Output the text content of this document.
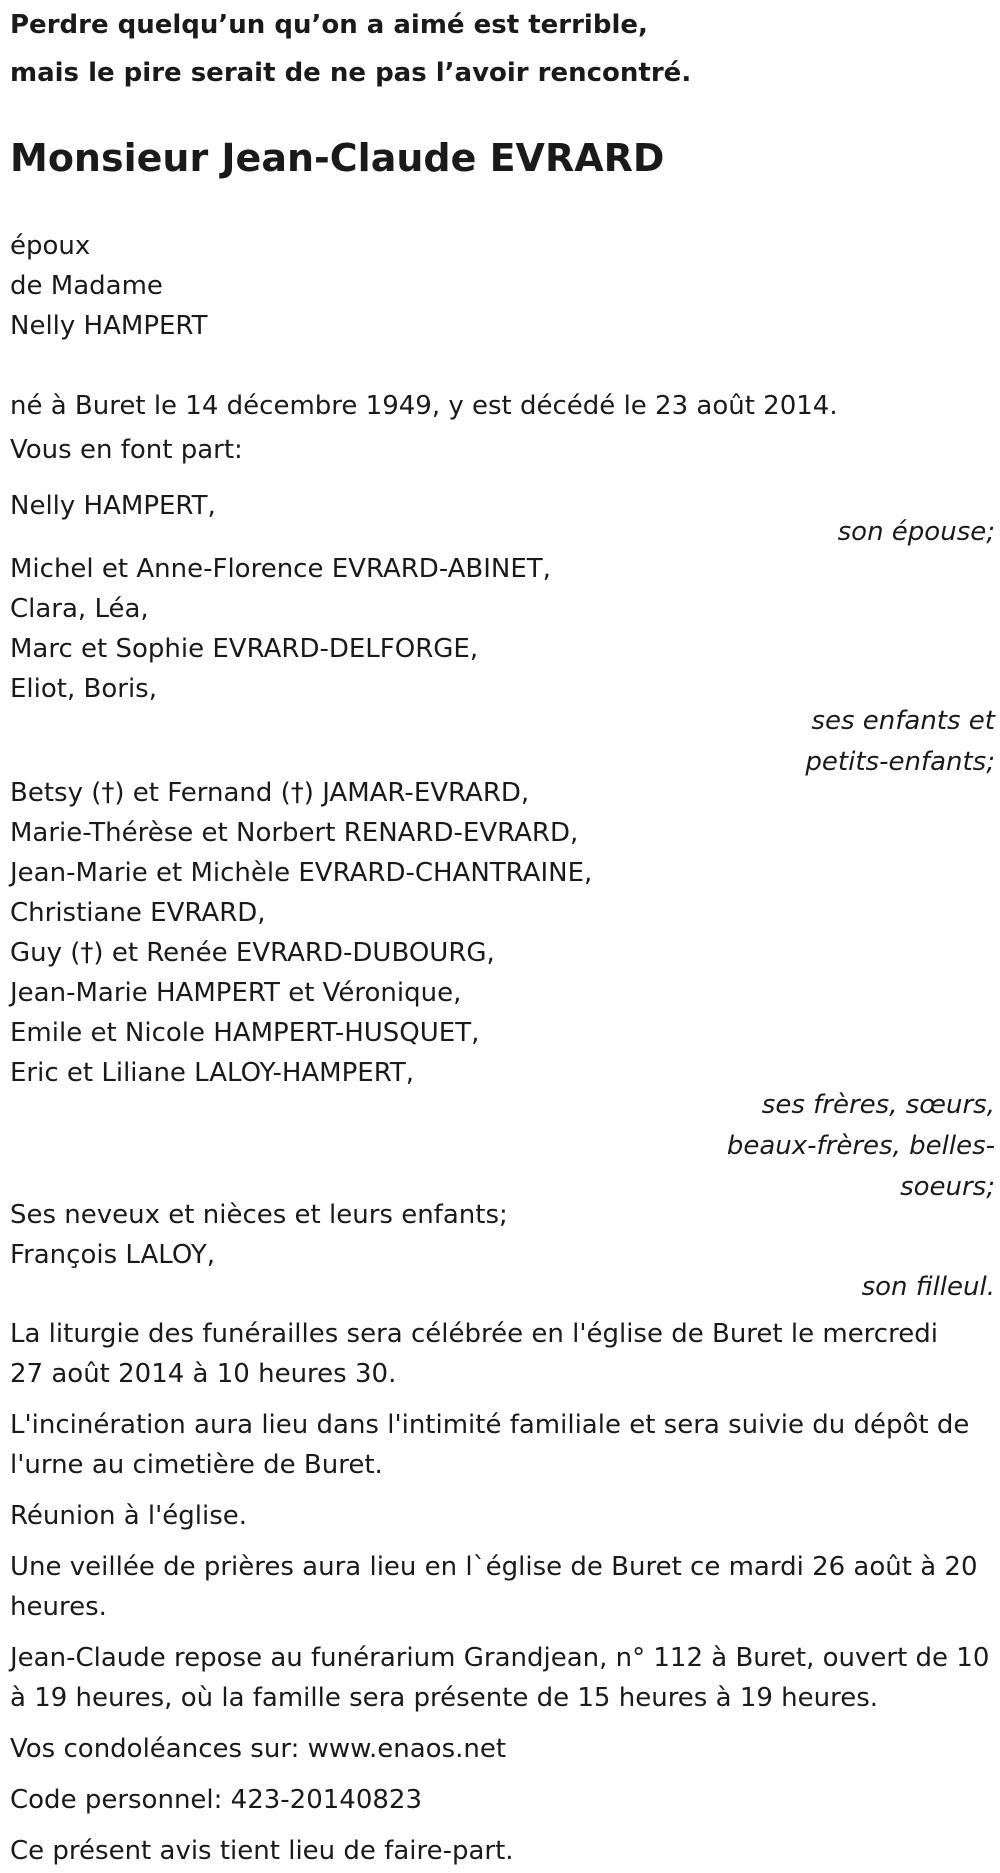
Perdre quelqu’un qu’on a aimé est terrible,
mais le pire serait de ne pas l’avoir rencontré.
Monsieur Jean-Claude EVRARD
époux
de Madame
Nelly HAMPERT
né à Buret le 14 décembre 1949, y est décédé le 23 août 2014.
Vous en font part:
Nelly HAMPERT,
son épouse;
Michel et Anne-Florence EVRARD-ABINET,
Clara, Léa,
Marc et Sophie EVRARD-DELFORGE,
Eliot, Boris,
ses enfants et
petits-enfants;
Betsy (†) et Fernand (†) JAMAR-EVRARD,
Marie-Thérèse et Norbert RENARD-EVRARD,
Jean-Marie et Michèle EVRARD-CHANTRAINE,
Christiane EVRARD,
Guy (†) et Renée EVRARD-DUBOURG,
Jean-Marie HAMPERT et Véronique,
Emile et Nicole HAMPERT-HUSQUET,
Eric et Liliane LALOY-HAMPERT,
ses frères, sœurs,
beaux-frères, belles-
soeurs;
Ses neveux et nièces et leurs enfants;
François LALOY,
son filleul.
La liturgie des funérailles sera célébrée en l'église de Buret le mercredi
27 août 2014 à 10 heures 30.
L'incinération aura lieu dans l'intimité familiale et sera suivie du dépôt de
l'urne au cimetière de Buret.
Réunion à l'église.
Une veillée de prières aura lieu en l`église de Buret ce mardi 26 août à 20
heures.
Jean-Claude repose au funérarium Grandjean, n° 112 à Buret, ouvert de 10
à 19 heures, où la famille sera présente de 15 heures à 19 heures.
Vos condoléances sur: www.enaos.net
Code personnel: 423-20140823
Ce présent avis tient lieu de faire-part.
